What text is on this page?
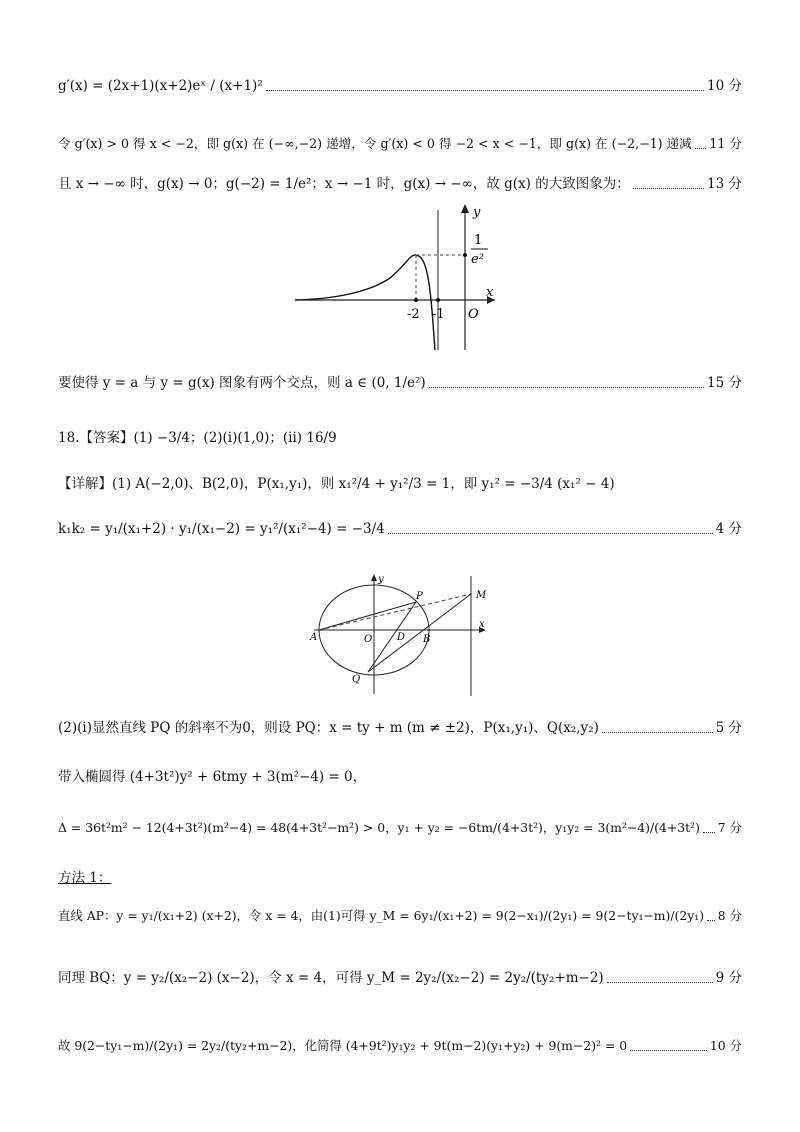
g′(x) = (2x+1)(x+2)eˣ / (x+1)²	10 分
令 g′(x) > 0 得 x < −2，即 g(x) 在 (−∞,−2) 递增，令 g′(x) < 0 得 −2 < x < −1，即 g(x) 在 (−2,−1) 递减 11 分
且 x → −∞ 时，g(x) → 0；g(−2) = 1/e²；x → −1 时，g(x) → −∞，故 g(x) 的大致图象为：	13 分
y
x
O
-2 -1
1
e²
要使得 y = a 与 y = g(x) 图象有两个交点，则 a ∈ (0, 1/e²)	15 分
18.【答案】(1) −3/4；(2)(i)(1,0)；(ii) 16/9
【详解】(1) A(−2,0)、B(2,0)，P(x₁,y₁)，则 x₁²/4 + y₁²/3 = 1，即 y₁² = −3/4 (x₁² − 4)
k₁k₂ = y₁/(x₁+2) · y₁/(x₁−2) = y₁²/(x₁²−4) = −3/4	4 分
y
x
A	O D B
P
Q
M
(2)(i)显然直线 PQ 的斜率不为0，则设 PQ：x = ty + m (m ≠ ±2)，P(x₁,y₁)、Q(x₂,y₂)	5 分
带入椭圆得 (4+3t²)y² + 6tmy + 3(m²−4) = 0，
Δ = 36t²m² − 12(4+3t²)(m²−4) = 48(4+3t²−m²) > 0，y₁ + y₂ = −6tm/(4+3t²)，y₁y₂ = 3(m²−4)/(4+3t²) 7 分
方法 1：
直线 AP：y = y₁/(x₁+2) (x+2)，令 x = 4，由(1)可得 y_M = 6y₁/(x₁+2) = 9(2−x₁)/(2y₁) = 9(2−ty₁−m)/(2y₁) 8 分
同理 BQ：y = y₂/(x₂−2) (x−2)，令 x = 4，可得 y_M = 2y₂/(x₂−2) = 2y₂/(ty₂+m−2)	9 分
故 9(2−ty₁−m)/(2y₁) = 2y₂/(ty₂+m−2)，化简得 (4+9t²)y₁y₂ + 9t(m−2)(y₁+y₂) + 9(m−2)² = 0	10 分
